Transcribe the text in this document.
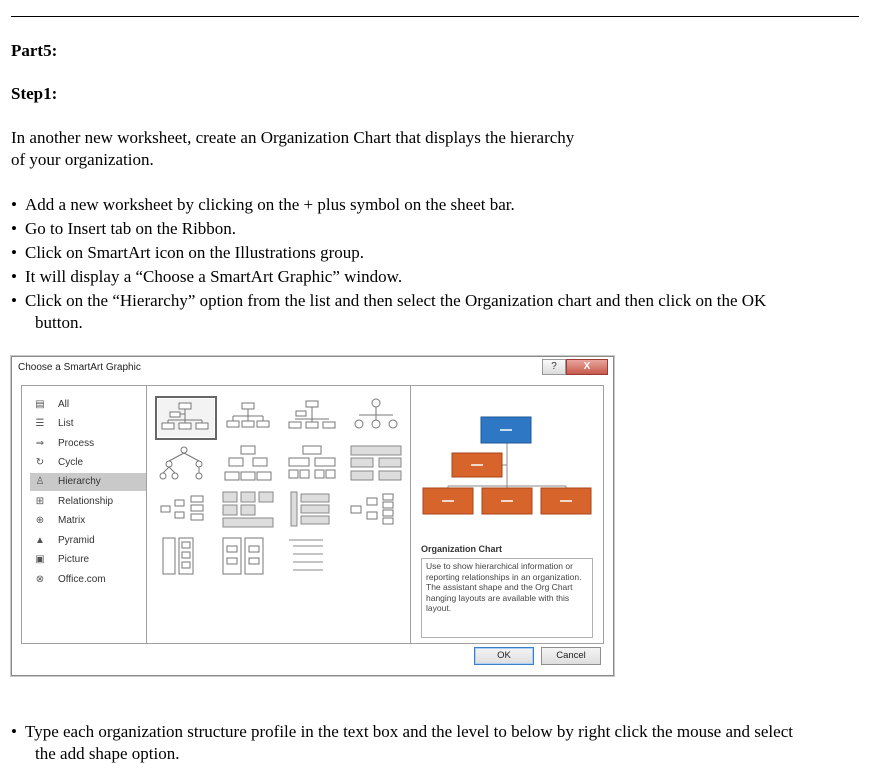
Part5:
Step1:
In another new worksheet, create an Organization Chart that displays the hierarchy
of your organization.
• Add a new worksheet by clicking on the + plus symbol on the sheet bar.
• Go to Insert tab on the Ribbon.
• Click on SmartArt icon on the Illustrations group.
• It will display a “Choose a SmartArt Graphic” window.
• Click on the “Hierarchy” option from the list and then select the Organization chart and then click on the OK
button.
Choose a SmartArt Graphic	?	X
▤ All
☰ List
⇒ Process
↻ Cycle
♙ Hierarchy
⊞ Relationship
⊕ Matrix
▲ Pyramid
▣ Picture
⊗ Office.com
Organization Chart
Use to show hierarchical information or reporting relationships in an organization. The assistant shape and the Org Chart hanging layouts are available with this layout.
OK	Cancel
• Type each organization structure profile in the text box and the level to below by right click the mouse and select
the add shape option.
